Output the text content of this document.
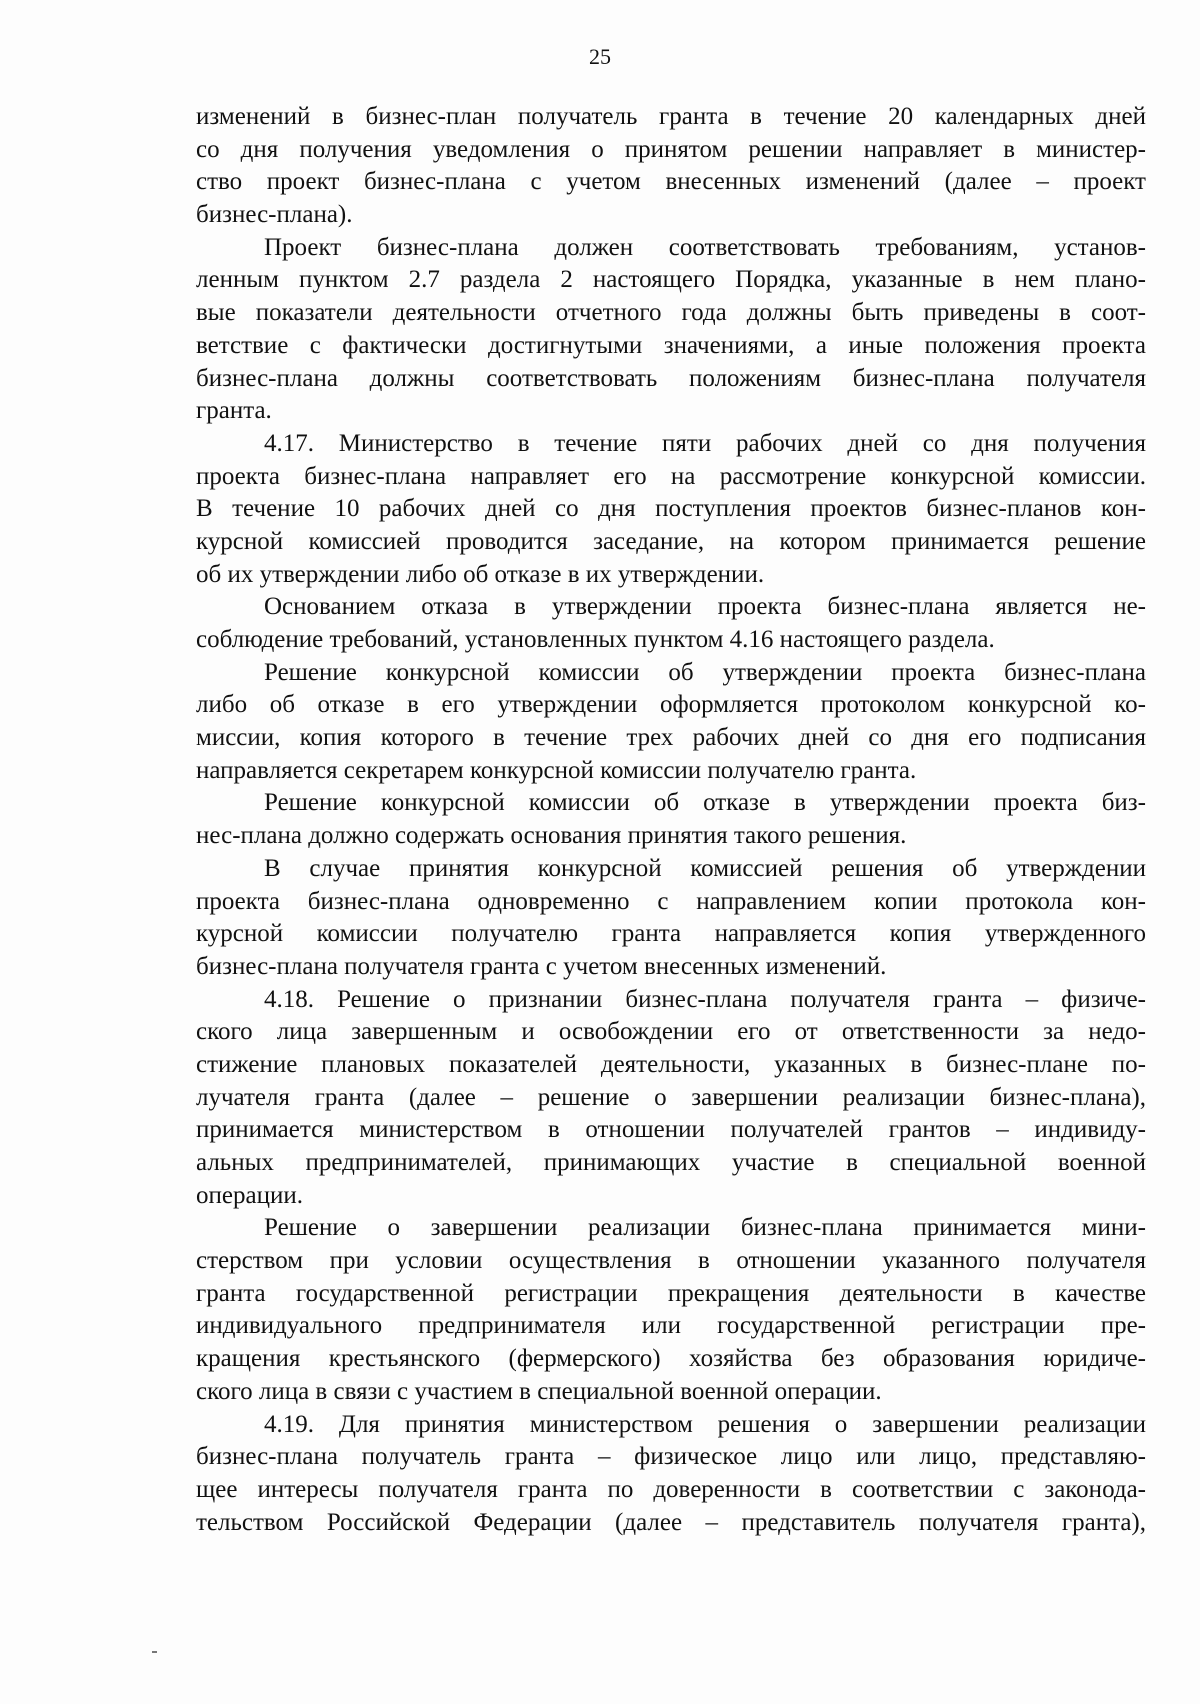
25
изменений в бизнес-план получатель гранта в течение 20 календарных дней
со дня получения уведомления о принятом решении направляет в министер-
ство проект бизнес-плана с учетом внесенных изменений (далее – проект
бизнес-плана).
Проект бизнес-плана должен соответствовать требованиям, установ-
ленным пунктом 2.7 раздела 2 настоящего Порядка, указанные в нем плано-
вые показатели деятельности отчетного года должны быть приведены в соот-
ветствие с фактически достигнутыми значениями, а иные положения проекта
бизнес-плана должны соответствовать положениям бизнес-плана получателя
гранта.
4.17. Министерство в течение пяти рабочих дней со дня получения
проекта бизнес-плана направляет его на рассмотрение конкурсной комиссии.
В течение 10 рабочих дней со дня поступления проектов бизнес-планов кон-
курсной комиссией проводится заседание, на котором принимается решение
об их утверждении либо об отказе в их утверждении.
Основанием отказа в утверждении проекта бизнес-плана является не-
соблюдение требований, установленных пунктом 4.16 настоящего раздела.
Решение конкурсной комиссии об утверждении проекта бизнес-плана
либо об отказе в его утверждении оформляется протоколом конкурсной ко-
миссии, копия которого в течение трех рабочих дней со дня его подписания
направляется секретарем конкурсной комиссии получателю гранта.
Решение конкурсной комиссии об отказе в утверждении проекта биз-
нес-плана должно содержать основания принятия такого решения.
В случае принятия конкурсной комиссией решения об утверждении
проекта бизнес-плана одновременно с направлением копии протокола кон-
курсной комиссии получателю гранта направляется копия утвержденного
бизнес-плана получателя гранта с учетом внесенных изменений.
4.18. Решение о признании бизнес-плана получателя гранта – физиче-
ского лица завершенным и освобождении его от ответственности за недо-
стижение плановых показателей деятельности, указанных в бизнес-плане по-
лучателя гранта (далее – решение о завершении реализации бизнес-плана),
принимается министерством в отношении получателей грантов – индивиду-
альных предпринимателей, принимающих участие в специальной военной
операции.
Решение о завершении реализации бизнес-плана принимается мини-
стерством при условии осуществления в отношении указанного получателя
гранта государственной регистрации прекращения деятельности в качестве
индивидуального предпринимателя или государственной регистрации пре-
кращения крестьянского (фермерского) хозяйства без образования юридиче-
ского лица в связи с участием в специальной военной операции.
4.19. Для принятия министерством решения о завершении реализации
бизнес-плана получатель гранта – физическое лицо или лицо, представляю-
щее интересы получателя гранта по доверенности в соответствии с законода-
тельством Российской Федерации (далее – представитель получателя гранта),
